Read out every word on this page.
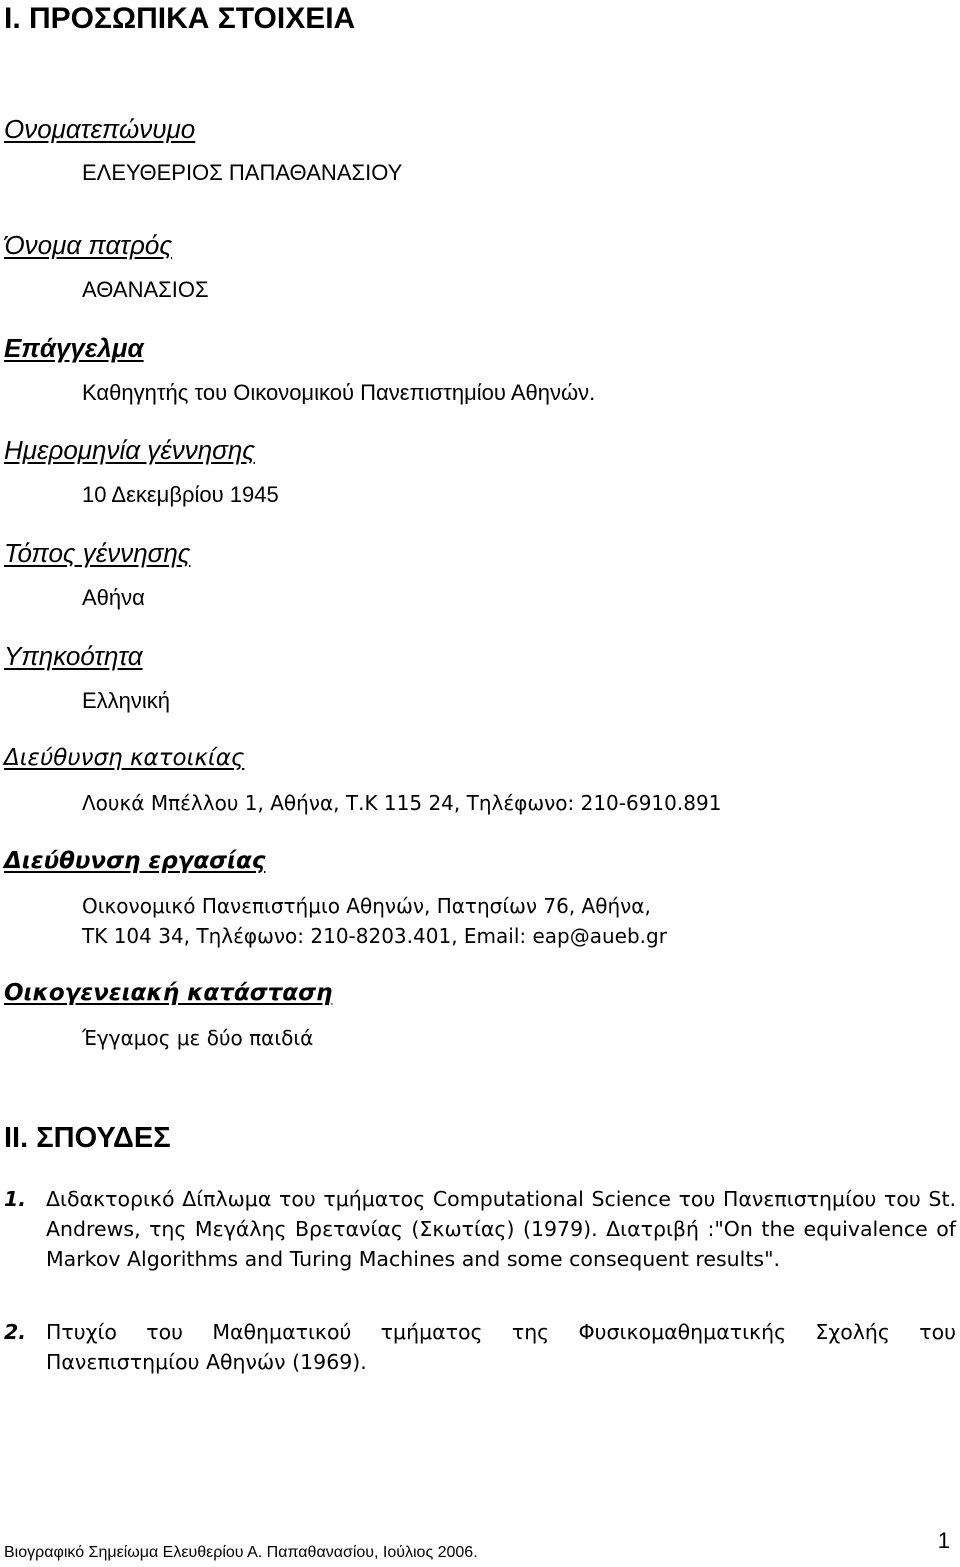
I. ΠΡΟΣΩΠΙΚΑ ΣΤΟΙΧΕΙΑ
Ονοματεπώνυμο
ΕΛΕΥΘΕΡΙΟΣ ΠΑΠΑΘΑΝΑΣΙΟΥ
Όνομα πατρός
ΑΘΑΝΑΣΙΟΣ
Επάγγελμα
Καθηγητής του Οικονομικού Πανεπιστημίου Αθηνών.
Ημερομηνία γέννησης
10 Δεκεμβρίου 1945
Τόπος γέννησης
Αθήνα
Υπηκοότητα
Ελληνική
Διεύθυνση κατοικίας
Λουκά Μπέλλου 1, Αθήνα, Τ.Κ 115 24, Τηλέφωνο: 210-6910.891
Διεύθυνση εργασίας
Οικονομικό Πανεπιστήμιο Αθηνών, Πατησίων 76, Αθήνα,
ΤΚ 104 34, Τηλέφωνο: 210-8203.401, Email: eap@aueb.gr
Οικογενειακή κατάσταση
Έγγαμος με δύο παιδιά
II. ΣΠΟΥΔΕΣ
1. Διδακτορικό Δίπλωμα του τμήματος Computational Science του Πανεπιστημίου του St. Andrews, της Μεγάλης Βρετανίας (Σκωτίας) (1979). Διατριβή :"On the equivalence of Markov Algorithms and Turing Machines and some consequent results".
2. Πτυχίο του Μαθηματικού τμήματος της Φυσικομαθηματικής Σχολής του Πανεπιστημίου Αθηνών (1969).
Βιογραφικό Σημείωμα Ελευθερίου Α. Παπαθανασίου, Ιούλιος 2006.	1
